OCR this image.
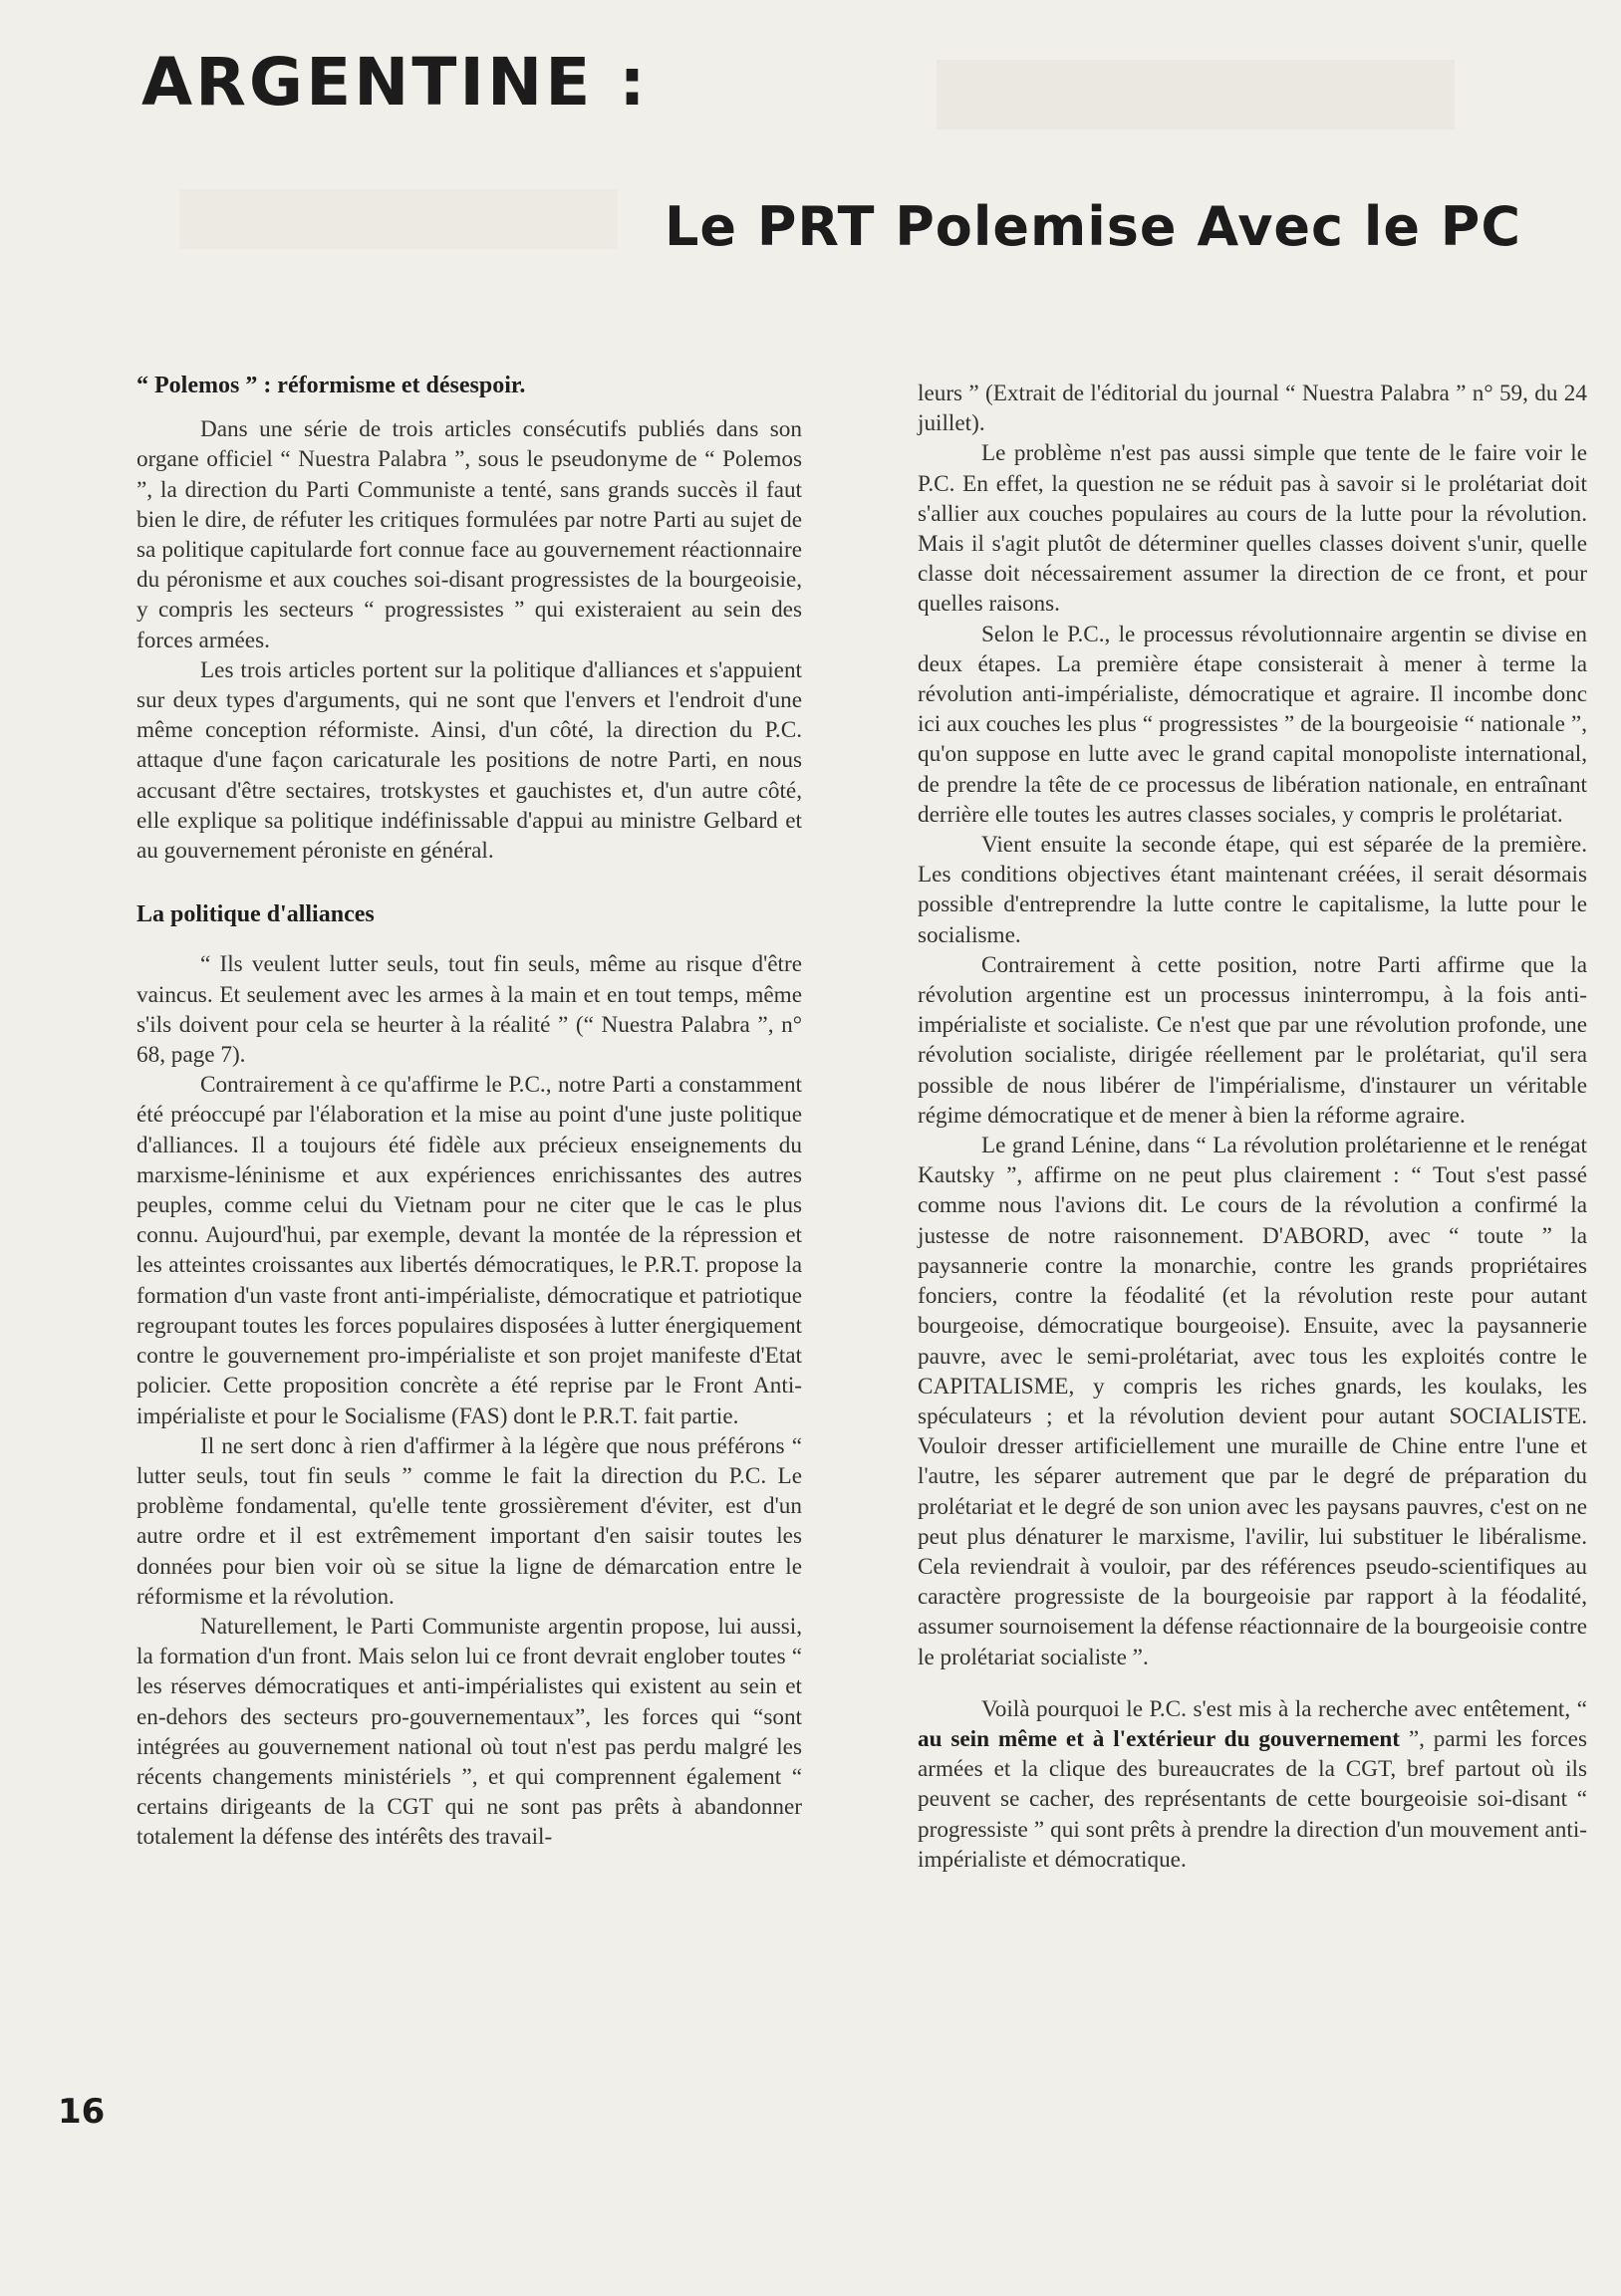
ARGENTINE :
Le PRT Polemise Avec le PC
“ Polemos ” : réformisme et désespoir.

Dans une série de trois articles consécutifs publiés dans son organe officiel “ Nuestra Palabra ”, sous le pseudonyme de “ Polemos ”, la direction du Parti Communiste a tenté, sans grands succès il faut bien le dire, de réfuter les critiques formulées par notre Parti au sujet de sa politique capitularde fort connue face au gouvernement réactionnaire du péronisme et aux couches soi-disant progressistes de la bourgeoisie, y compris les secteurs “ progressistes ” qui existeraient au sein des forces armées.

Les trois articles portent sur la politique d'alliances et s'appuient sur deux types d'arguments, qui ne sont que l'envers et l'endroit d'une même conception réformiste. Ainsi, d'un côté, la direction du P.C. attaque d'une façon caricaturale les positions de notre Parti, en nous accusant d'être sectaires, trotskystes et gauchistes et, d'un autre côté, elle explique sa politique indéfinissable d'appui au ministre Gelbard et au gouvernement péroniste en général.

La politique d'alliances

“ Ils veulent lutter seuls, tout fin seuls, même au risque d'être vaincus. Et seulement avec les armes à la main et en tout temps, même s'ils doivent pour cela se heurter à la réalité ” (“ Nuestra Palabra ”, n° 68, page 7).

Contrairement à ce qu'affirme le P.C., notre Parti a constamment été préoccupé par l'élaboration et la mise au point d'une juste politique d'alliances. Il a toujours été fidèle aux précieux enseignements du marxisme-léninisme et aux expériences enrichissantes des autres peuples, comme celui du Vietnam pour ne citer que le cas le plus connu. Aujourd'hui, par exemple, devant la montée de la répression et les atteintes croissantes aux libertés démocratiques, le P.R.T. propose la formation d'un vaste front anti-impérialiste, démocratique et patriotique regroupant toutes les forces populaires disposées à lutter énergiquement contre le gouvernement pro-impérialiste et son projet manifeste d'Etat policier. Cette proposition concrète a été reprise par le Front Anti-impérialiste et pour le Socialisme (FAS) dont le P.R.T. fait partie.

Il ne sert donc à rien d'affirmer à la légère que nous préférons “ lutter seuls, tout fin seuls ” comme le fait la direction du P.C. Le problème fondamental, qu'elle tente grossièrement d'éviter, est d'un autre ordre et il est extrêmement important d'en saisir toutes les données pour bien voir où se situe la ligne de démarcation entre le réformisme et la révolution.

Naturellement, le Parti Communiste argentin propose, lui aussi, la formation d'un front. Mais selon lui ce front devrait englober toutes “ les réserves démocratiques et anti-impérialistes qui existent au sein et en-dehors des secteurs pro-gouvernementaux”, les forces qui “sont intégrées au gouvernement national où tout n'est pas perdu malgré les récents changements ministériels ”, et qui comprennent également “ certains dirigeants de la CGT qui ne sont pas prêts à abandonner totalement la défense des intérêts des travail-

leurs ” (Extrait de l'éditorial du journal “ Nuestra Palabra ” n° 59, du 24 juillet).

Le problème n'est pas aussi simple que tente de le faire voir le P.C. En effet, la question ne se réduit pas à savoir si le prolétariat doit s'allier aux couches populaires au cours de la lutte pour la révolution. Mais il s'agit plutôt de déterminer quelles classes doivent s'unir, quelle classe doit nécessairement assumer la direction de ce front, et pour quelles raisons.

Selon le P.C., le processus révolutionnaire argentin se divise en deux étapes. La première étape consisterait à mener à terme la révolution anti-impérialiste, démocratique et agraire. Il incombe donc ici aux couches les plus “ progressistes ” de la bourgeoisie “ nationale ”, qu'on suppose en lutte avec le grand capital monopoliste international, de prendre la tête de ce processus de libération nationale, en entraînant derrière elle toutes les autres classes sociales, y compris le prolétariat.

Vient ensuite la seconde étape, qui est séparée de la première. Les conditions objectives étant maintenant créées, il serait désormais possible d'entreprendre la lutte contre le capitalisme, la lutte pour le socialisme.

Contrairement à cette position, notre Parti affirme que la révolution argentine est un processus ininterrompu, à la fois anti-impérialiste et socialiste. Ce n'est que par une révolution profonde, une révolution socialiste, dirigée réellement par le prolétariat, qu'il sera possible de nous libérer de l'impérialisme, d'instaurer un véritable régime démocratique et de mener à bien la réforme agraire.

Le grand Lénine, dans “ La révolution prolétarienne et le renégat Kautsky ”, affirme on ne peut plus clairement : “ Tout s'est passé comme nous l'avions dit. Le cours de la révolution a confirmé la justesse de notre raisonnement. D'ABORD, avec “ toute ” la paysannerie contre la monarchie, contre les grands propriétaires fonciers, contre la féodalité (et la révolution reste pour autant bourgeoise, démocratique bourgeoise). Ensuite, avec la paysannerie pauvre, avec le semi-prolétariat, avec tous les exploités contre le CAPITALISME, y compris les riches gnards, les koulaks, les spéculateurs ; et la révolution devient pour autant SOCIALISTE. Vouloir dresser artificiellement une muraille de Chine entre l'une et l'autre, les séparer autrement que par le degré de préparation du prolétariat et le degré de son union avec les paysans pauvres, c'est on ne peut plus dénaturer le marxisme, l'avilir, lui substituer le libéralisme. Cela reviendrait à vouloir, par des références pseudo-scientifiques au caractère progressiste de la bourgeoisie par rapport à la féodalité, assumer sournoisement la défense réactionnaire de la bourgeoisie contre le prolétariat socialiste ”.

Voilà pourquoi le P.C. s'est mis à la recherche avec entêtement, “ au sein même et à l'extérieur du gouvernement ”, parmi les forces armées et la clique des bureaucrates de la CGT, bref partout où ils peuvent se cacher, des représentants de cette bourgeoisie soi-disant “ progressiste ” qui sont prêts à prendre la direction d'un mouvement anti-impérialiste et démocratique.

16
